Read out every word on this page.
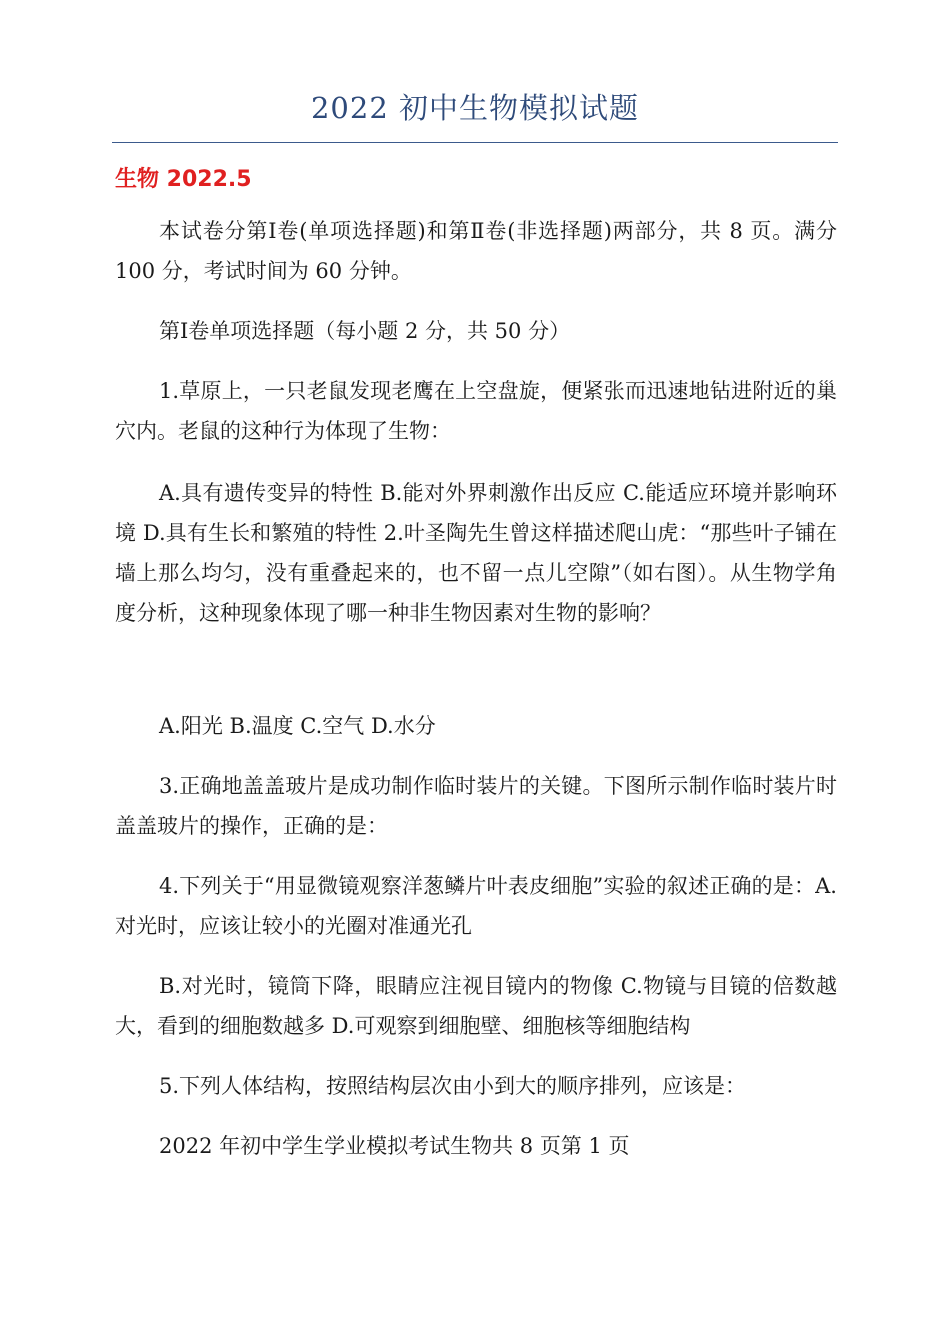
2022 初中生物模拟试题
生物 2022.5

本试卷分第Ⅰ卷(单项选择题)和第Ⅱ卷(非选择题)两部分，共 8 页。满分 100 分，考试时间为 60 分钟。

第Ⅰ卷单项选择题（每小题 2 分，共 50 分）

1.草原上，一只老鼠发现老鹰在上空盘旋，便紧张而迅速地钻进附近的巢穴内。老鼠的这种行为体现了生物：

A.具有遗传变异的特性 B.能对外界刺激作出反应 C.能适应环境并影响环境 D.具有生长和繁殖的特性 2.叶圣陶先生曾这样描述爬山虎：“那些叶子铺在墙上那么均匀，没有重叠起来的，也不留一点儿空隙”（如右图）。从生物学角度分析，这种现象体现了哪一种非生物因素对生物的影响？

A.阳光 B.温度 C.空气 D.水分

3.正确地盖盖玻片是成功制作临时装片的关键。下图所示制作临时装片时盖盖玻片的操作，正确的是：

4.下列关于“用显微镜观察洋葱鳞片叶表皮细胞”实验的叙述正确的是：A.对光时，应该让较小的光圈对准通光孔

B.对光时，镜筒下降，眼睛应注视目镜内的物像 C.物镜与目镜的倍数越大，看到的细胞数越多 D.可观察到细胞壁、细胞核等细胞结构

5.下列人体结构，按照结构层次由小到大的顺序排列，应该是：

2022 年初中学生学业模拟考试生物共 8 页第 1 页
